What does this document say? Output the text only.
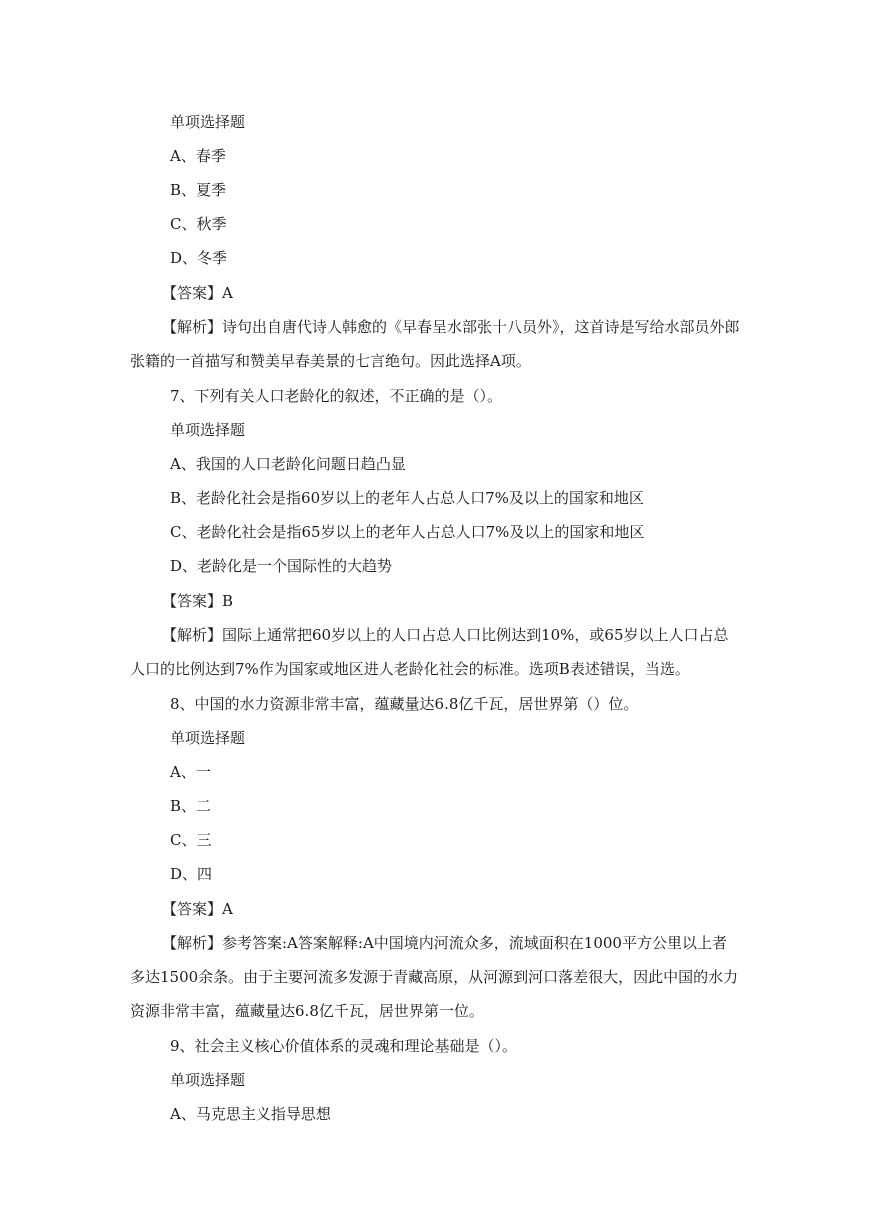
单项选择题
A、春季
B、夏季
C、秋季
D、冬季
【答案】A
【解析】诗句出自唐代诗人韩愈的《早春呈水部张十八员外》，这首诗是写给水部员外郎张籍的一首描写和赞美早春美景的七言绝句。因此选择A项。
7、下列有关人口老龄化的叙述，不正确的是（）。
单项选择题
A、我国的人口老龄化问题日趋凸显
B、老龄化社会是指60岁以上的老年人占总人口7%及以上的国家和地区
C、老龄化社会是指65岁以上的老年人占总人口7%及以上的国家和地区
D、老龄化是一个国际性的大趋势
【答案】B
【解析】国际上通常把60岁以上的人口占总人口比例达到10%，或65岁以上人口占总人口的比例达到7%作为国家或地区进人老龄化社会的标准。选项B表述错误，当选。
8、中国的水力资源非常丰富，蕴藏量达6.8亿千瓦，居世界第（）位。
单项选择题
A、一
B、二
C、三
D、四
【答案】A
【解析】参考答案:A答案解释:A中国境内河流众多，流域面积在1000平方公里以上者多达1500余条。由于主要河流多发源于青藏高原，从河源到河口落差很大，因此中国的水力资源非常丰富，蕴藏量达6.8亿千瓦，居世界第一位。
9、社会主义核心价值体系的灵魂和理论基础是（）。
单项选择题
A、马克思主义指导思想
